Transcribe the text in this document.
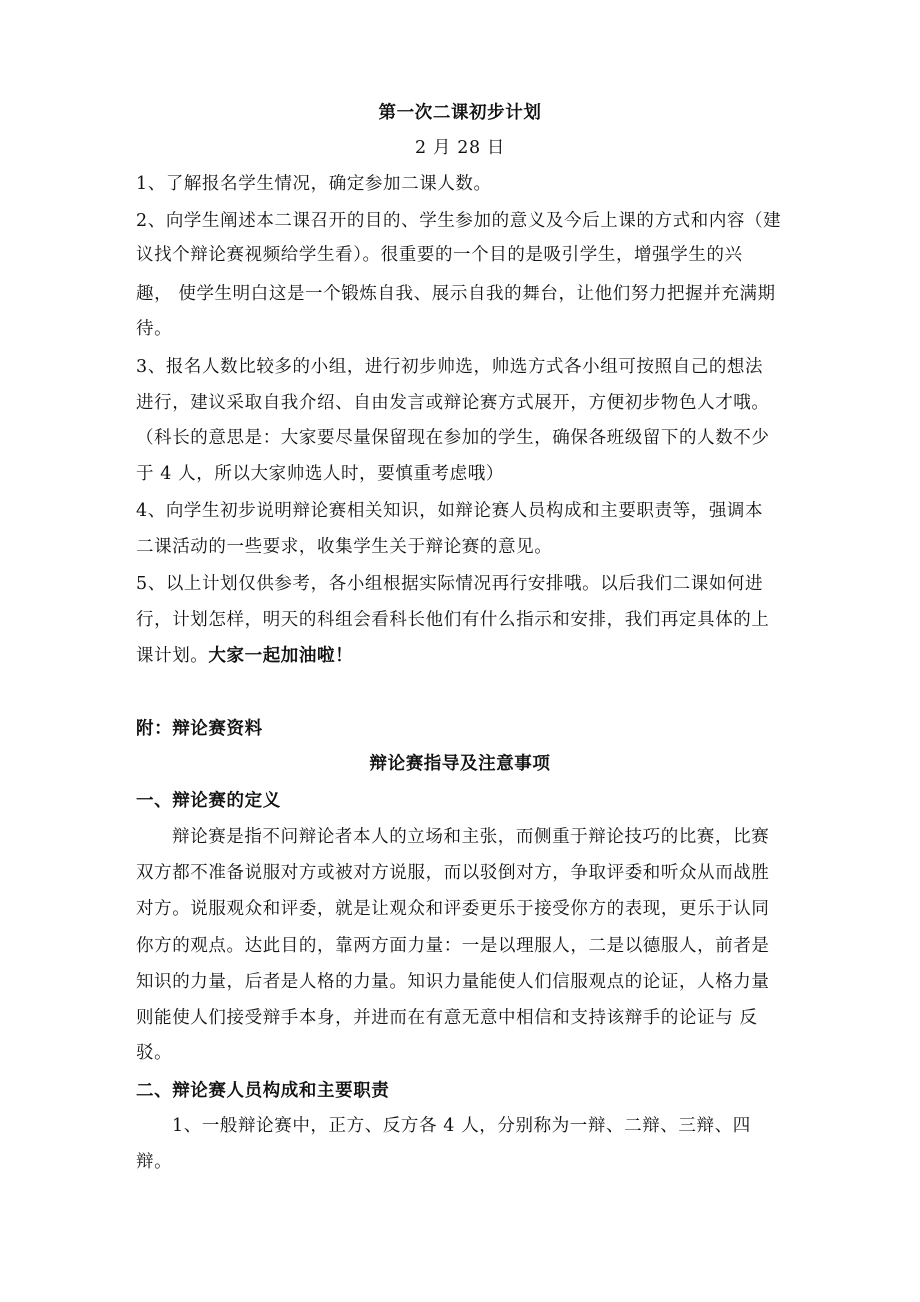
第一次二课初步计划
2 月 28 日
1、了解报名学生情况，确定参加二课人数。
2、向学生阐述本二课召开的目的、学生参加的意义及今后上课的方式和内容（建
议找个辩论赛视频给学生看）。很重要的一个目的是吸引学生，增强学生的兴
趣， 使学生明白这是一个锻炼自我、展示自我的舞台，让他们努力把握并充满期
待。
3、报名人数比较多的小组，进行初步帅选，帅选方式各小组可按照自己的想法
进行，建议采取自我介绍、自由发言或辩论赛方式展开，方便初步物色人才哦。
（科长的意思是：大家要尽量保留现在参加的学生，确保各班级留下的人数不少
于 4 人，所以大家帅选人时，要慎重考虑哦）
4、向学生初步说明辩论赛相关知识，如辩论赛人员构成和主要职责等，强调本
二课活动的一些要求，收集学生关于辩论赛的意见。
5、以上计划仅供参考，各小组根据实际情况再行安排哦。以后我们二课如何进
行，计划怎样，明天的科组会看科长他们有什么指示和安排，我们再定具体的上
课计划。大家一起加油啦！
附：辩论赛资料
辩论赛指导及注意事项
一、辩论赛的定义
辩论赛是指不问辩论者本人的立场和主张，而侧重于辩论技巧的比赛，比赛
双方都不准备说服对方或被对方说服，而以驳倒对方，争取评委和听众从而战胜
对方。说服观众和评委，就是让观众和评委更乐于接受你方的表现，更乐于认同
你方的观点。达此目的，靠两方面力量：一是以理服人，二是以德服人，前者是
知识的力量，后者是人格的力量。知识力量能使人们信服观点的论证，人格力量
则能使人们接受辩手本身，并进而在有意无意中相信和支持该辩手的论证与 反
驳。
二、辩论赛人员构成和主要职责
1、一般辩论赛中，正方、反方各 4 人，分别称为一辩、二辩、三辩、四
辩。
